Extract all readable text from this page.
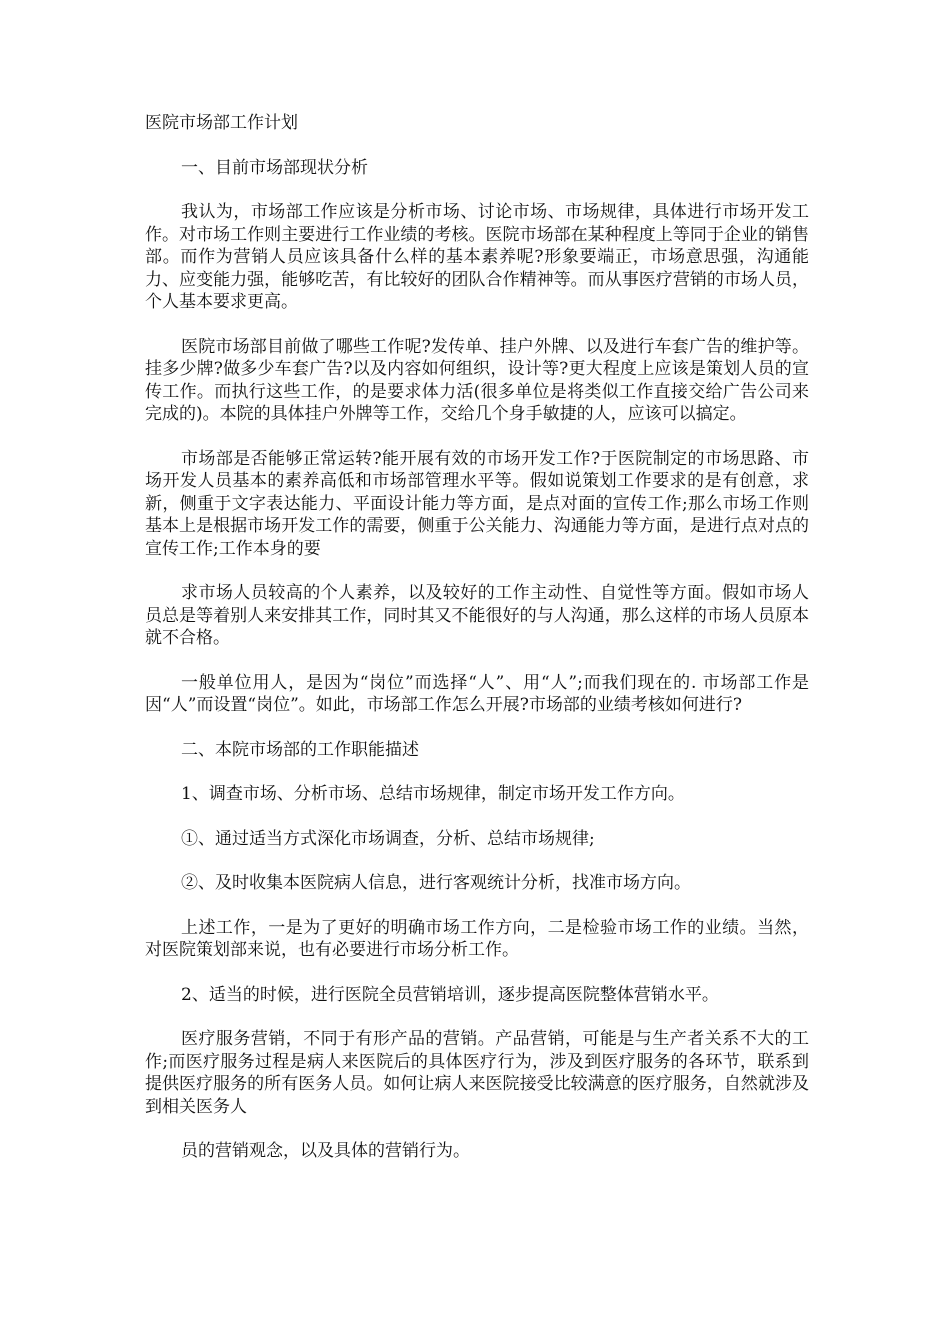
医院市场部工作计划

一、目前市场部现状分析

我认为，市场部工作应该是分析市场、讨论市场、市场规律，具体进行市场开发工作。对市场工作则主要进行工作业绩的考核。医院市场部在某种程度上等同于企业的销售部。而作为营销人员应该具备什么样的基本素养呢?形象要端正，市场意思强，沟通能力、应变能力强，能够吃苦，有比较好的团队合作精神等。而从事医疗营销的市场人员，个人基本要求更高。

医院市场部目前做了哪些工作呢?发传单、挂户外牌、以及进行车套广告的维护等。挂多少牌?做多少车套广告?以及内容如何组织，设计等?更大程度上应该是策划人员的宣传工作。而执行这些工作，的是要求体力活(很多单位是将类似工作直接交给广告公司来完成的)。本院的具体挂户外牌等工作，交给几个身手敏捷的人，应该可以搞定。

市场部是否能够正常运转?能开展有效的市场开发工作?于医院制定的市场思路、市场开发人员基本的素养高低和市场部管理水平等。假如说策划工作要求的是有创意，求新，侧重于文字表达能力、平面设计能力等方面，是点对面的宣传工作;那么市场工作则基本上是根据市场开发工作的需要，侧重于公关能力、沟通能力等方面，是进行点对点的宣传工作;工作本身的要

求市场人员较高的个人素养，以及较好的工作主动性、自觉性等方面。假如市场人员总是等着别人来安排其工作，同时其又不能很好的与人沟通，那么这样的市场人员原本就不合格。

一般单位用人，是因为“岗位”而选择“人”、用“人”;而我们现在的. 市场部工作是因“人”而设置“岗位”。如此，市场部工作怎么开展?市场部的业绩考核如何进行?

二、本院市场部的工作职能描述

1、调查市场、分析市场、总结市场规律，制定市场开发工作方向。

①、通过适当方式深化市场调查，分析、总结市场规律;

②、及时收集本医院病人信息，进行客观统计分析，找准市场方向。

上述工作，一是为了更好的明确市场工作方向，二是检验市场工作的业绩。当然，对医院策划部来说，也有必要进行市场分析工作。

2、适当的时候，进行医院全员营销培训，逐步提高医院整体营销水平。

医疗服务营销，不同于有形产品的营销。产品营销，可能是与生产者关系不大的工作;而医疗服务过程是病人来医院后的具体医疗行为，涉及到医疗服务的各环节，联系到提供医疗服务的所有医务人员。如何让病人来医院接受比较满意的医疗服务，自然就涉及到相关医务人

员的营销观念，以及具体的营销行为。
